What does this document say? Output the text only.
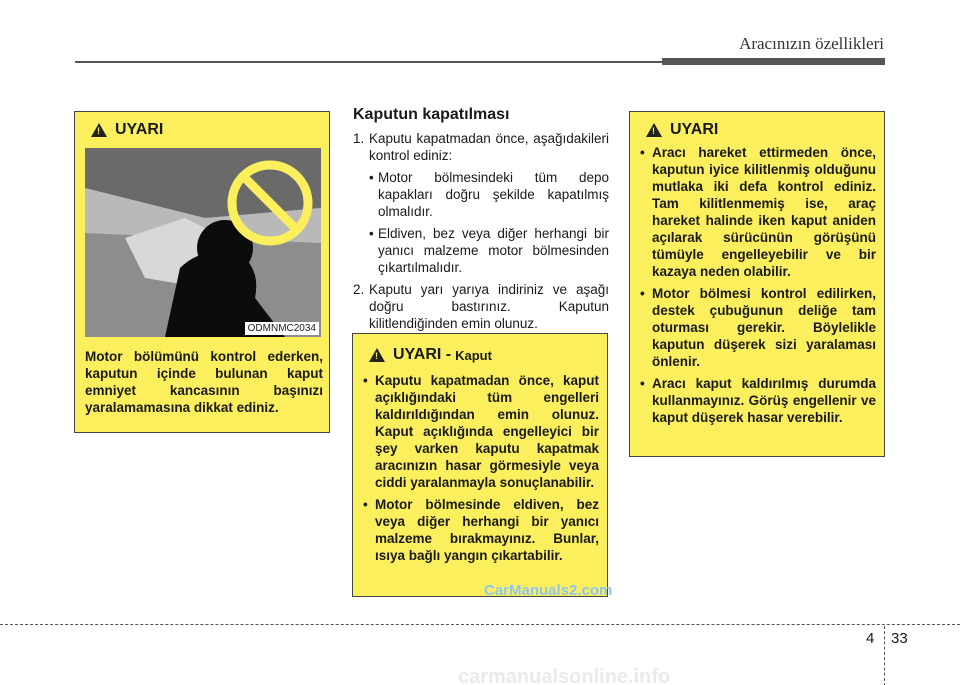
Aracınızın özellikleri
! UYARI
ODMNMC2034
Motor bölümünü kontrol ederken, kaputun içinde bulunan kaput emniyet kancasının başınızı yaralamamasına dikkat ediniz.
Kaputun kapatılması
1. Kaputu kapatmadan önce, aşağıdakileri kontrol ediniz:
• Motor bölmesindeki tüm depo kapakları doğru şekilde kapatılmış olmalıdır.
• Eldiven, bez veya diğer herhangi bir yanıcı malzeme motor bölmesinden çıkartılmalıdır.
2. Kaputu yarı yarıya indiriniz ve aşağı doğru bastırınız. Kaputun kilitlendiğinden emin olunuz.
! UYARI - Kaput
• Kaputu kapatmadan önce, kaput açıklığındaki tüm engelleri kaldırıldığından emin olunuz. Kaput açıklığında engelleyici bir şey varken kaputu kapatmak aracınızın hasar görmesiyle veya ciddi yaralanmayla sonuçlanabilir.
• Motor bölmesinde eldiven, bez veya diğer herhangi bir yanıcı malzeme bırakmayınız. Bunlar, ısıya bağlı yangın çıkartabilir.
! UYARI
• Aracı hareket ettirmeden önce, kaputun iyice kilitlenmiş olduğunu mutlaka iki defa kontrol ediniz. Tam kilitlenmemiş ise, araç hareket halinde iken kaput aniden açılarak sürücünün görüşünü tümüyle engelleyebilir ve bir kazaya neden olabilir.
• Motor bölmesi kontrol edilirken, destek çubuğunun deliğe tam oturması gerekir. Böylelikle kaputun düşerek sizi yaralaması önlenir.
• Aracı kaput kaldırılmış durumda kullanmayınız. Görüş engellenir ve kaput düşerek hasar verebilir.
CarManuals2.com
4 33
carmanualsonline.info
